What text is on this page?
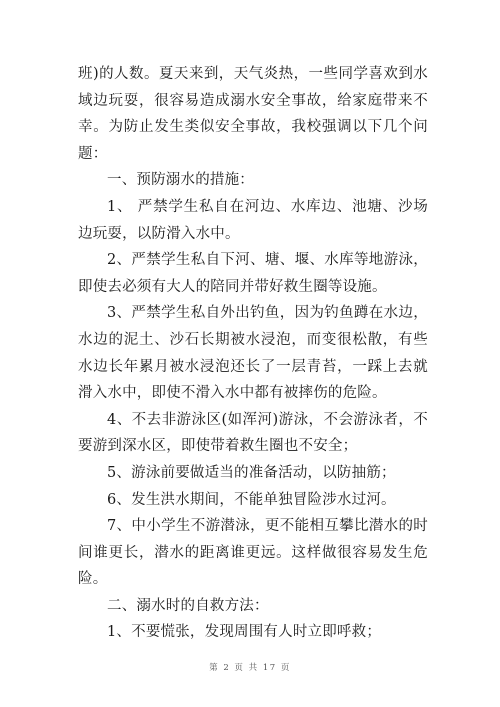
班)的人数。夏天来到，天气炎热，一些同学喜欢到水域边玩耍，很容易造成溺水安全事故，给家庭带来不幸。为防止发生类似安全事故，我校强调以下几个问题：

一、预防溺水的措施：

1、 严禁学生私自在河边、水库边、池塘、沙场边玩耍，以防滑入水中。

2、严禁学生私自下河、塘、堰、水库等地游泳，即使去必须有大人的陪同并带好救生圈等设施。

3、严禁学生私自外出钓鱼，因为钓鱼蹲在水边，水边的泥土、沙石长期被水浸泡，而变很松散，有些水边长年累月被水浸泡还长了一层青苔，一踩上去就滑入水中，即使不滑入水中都有被摔伤的危险。

4、不去非游泳区(如浑河)游泳，不会游泳者，不要游到深水区，即使带着救生圈也不安全；

5、游泳前要做适当的准备活动，以防抽筋；

6、发生洪水期间，不能单独冒险涉水过河。

7、中小学生不游潜泳，更不能相互攀比潜水的时间谁更长，潜水的距离谁更远。这样做很容易发生危险。

二、溺水时的自救方法：

1、不要慌张，发现周围有人时立即呼救；

第 2 页 共 17 页
